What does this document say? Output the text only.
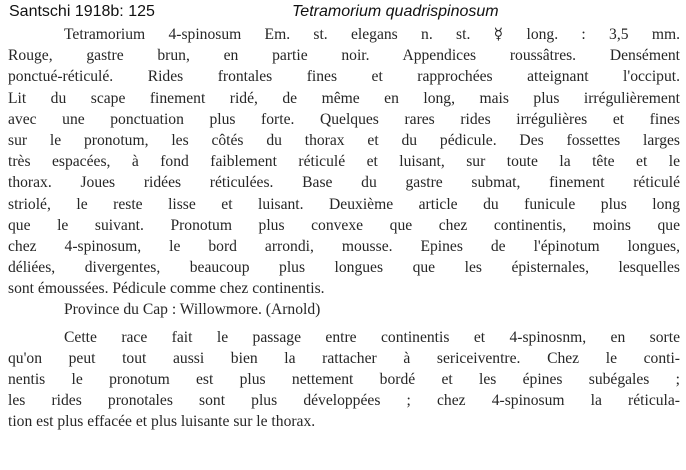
Santschi 1918b: 125	Tetramorium quadrispinosum
Tetramorium 4-spinosum Em. st. elegans n. st. ☿ long. : 3,5 mm.
Rouge, gastre brun, en partie noir. Appendices roussâtres. Densément
ponctué-réticulé. Rides frontales fines et rapprochées atteignant l'occiput.
Lit du scape finement ridé, de même en long, mais plus irrégulièrement
avec une ponctuation plus forte. Quelques rares rides irrégulières et fines
sur le pronotum, les côtés du thorax et du pédicule. Des fossettes larges
très espacées, à fond faiblement réticulé et luisant, sur toute la tête et le
thorax. Joues ridées réticulées. Base du gastre submat, finement réticulé
striolé, le reste lisse et luisant. Deuxième article du funicule plus long
que le suivant. Pronotum plus convexe que chez continentis, moins que
chez 4-spinosum, le bord arrondi, mousse. Epines de l'épinotum longues,
déliées, divergentes, beaucoup plus longues que les épisternales, lesquelles
sont émoussées. Pédicule comme chez continentis.
Province du Cap : Willowmore. (Arnold)
Cette race fait le passage entre continentis et 4-spinosnm, en sorte
qu'on peut tout aussi bien la rattacher à sericeiventre. Chez le conti-
nentis le pronotum est plus nettement bordé et les épines subégales ;
les rides pronotales sont plus développées ; chez 4-spinosum la réticula-
tion est plus effacée et plus luisante sur le thorax.
